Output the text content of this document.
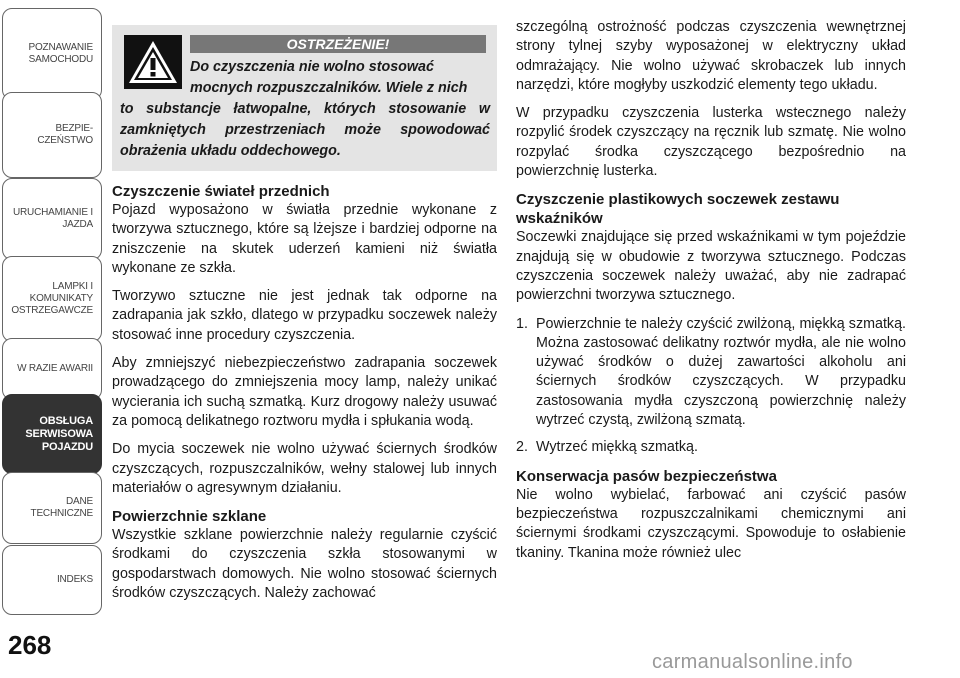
POZNAWANIE SAMOCHODU
BEZPIE- CZEŃSTWO
URUCHAMIANIE I JAZDA
LAMPKI I KOMUNIKATY OSTRZEGAWCZE
W RAZIE AWARII
OBSŁUGA SERWISOWA POJAZDU
DANE TECHNICZNE
INDEKS
268
OSTRZEŻENIE!
Do czyszczenia nie wolno stosować
mocnych rozpuszczalników. Wiele z nich
to substancje łatwopalne, których stosowanie w zamkniętych przestrzeniach może spowodować obrażenia układu oddechowego.
Czyszczenie świateł przednich

Pojazd wyposażono w światła przednie wykonane z tworzywa sztucznego, które są lżejsze i bardziej odporne na zniszczenie na skutek uderzeń kamieni niż światła wykonane ze szkła.

Tworzywo sztuczne nie jest jednak tak odporne na zadrapania jak szkło, dlatego w przypadku soczewek należy stosować inne procedury czyszczenia.

Aby zmniejszyć niebezpieczeństwo zadrapania soczewek prowadzącego do zmniejszenia mocy lamp, należy unikać wycierania ich suchą szmatką. Kurz drogowy należy usuwać za pomocą delikatnego roztworu mydła i spłukania wodą.

Do mycia soczewek nie wolno używać ściernych środków czyszczących, rozpuszczalników, wełny stalowej lub innych materiałów o agresywnym działaniu.

Powierzchnie szklane

Wszystkie szklane powierzchnie należy regularnie czyścić środkami do czyszczenia szkła stosowanymi w gospodarstwach domowych. Nie wolno stosować ściernych środków czyszczących. Należy zachować

szczególną ostrożność podczas czyszczenia wewnętrznej strony tylnej szyby wyposażonej w elektryczny układ odmrażający. Nie wolno używać skrobaczek lub innych narzędzi, które mogłyby uszkodzić elementy tego układu.

W przypadku czyszczenia lusterka wstecznego należy rozpylić środek czyszczący na ręcznik lub szmatę. Nie wolno rozpylać środka czyszczącego bezpośrednio na powierzchnię lusterka.

Czyszczenie plastikowych soczewek zestawu wskaźników

Soczewki znajdujące się przed wskaźnikami w tym pojeździe znajdują się w obudowie z tworzywa sztucznego. Podczas czyszczenia soczewek należy uważać, aby nie zadrapać powierzchni tworzywa sztucznego.

1. Powierzchnie te należy czyścić zwilżoną, miękką szmatką. Można zastosować delikatny roztwór mydła, ale nie wolno używać środków o dużej zawartości alkoholu ani ściernych środków czyszczących. W przypadku zastosowania mydła czyszczoną powierzchnię należy wytrzeć czystą, zwilżoną szmatą.
2. Wytrzeć miękką szmatką.
Konserwacja pasów bezpieczeństwa

Nie wolno wybielać, farbować ani czyścić pasów bezpieczeństwa rozpuszczalnikami chemicznymi ani ściernymi środkami czyszczącymi. Spowoduje to osłabienie tkaniny. Tkanina może również ulec

carmanualsonline.info
